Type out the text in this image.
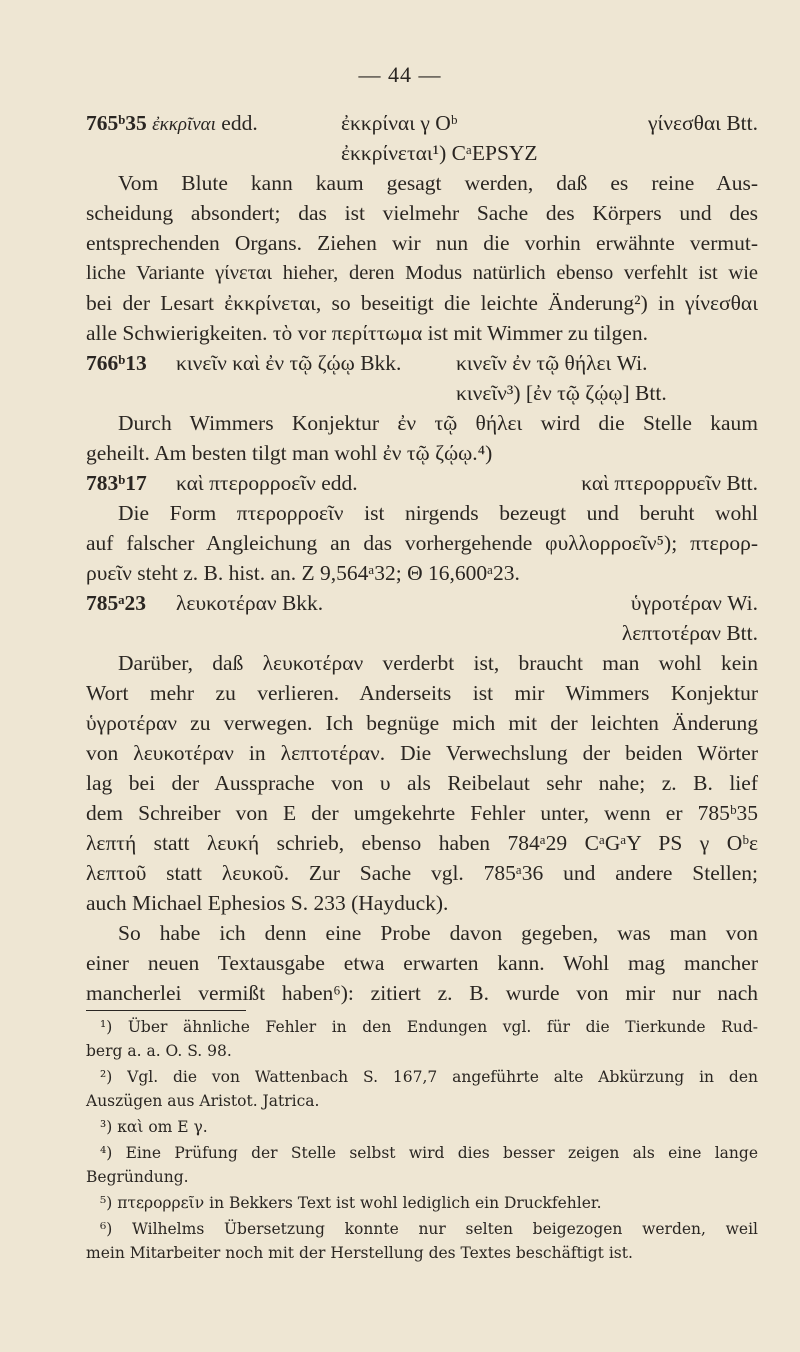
— 44 —
765ᵇ35 ἐκκρῖναι edd.	ἐκκρίναι γ Oᵇ	γίνεσθαι Btt.
ἐκκρίνεται¹) CᵃEPSYZ
Vom Blute kann kaum gesagt werden, daß es reine Aus-
scheidung absondert; das ist vielmehr Sache des Körpers und des
entsprechenden Organs. Ziehen wir nun die vorhin erwähnte vermut-
liche Variante γίνεται hieher, deren Modus natürlich ebenso verfehlt ist wie
bei der Lesart ἐκκρίνεται, so beseitigt die leichte Änderung²) in γίνεσθαι
alle Schwierigkeiten. τὸ vor περίττωμα ist mit Wimmer zu tilgen.
766ᵇ13 κινεῖν καὶ ἐν τῷ ζῴῳ Bkk.	κινεῖν ἐν τῷ θήλει Wi.
κινεῖν³) [ἐν τῷ ζῴῳ] Btt.
Durch Wimmers Konjektur ἐν τῷ θήλει wird die Stelle kaum
geheilt. Am besten tilgt man wohl ἐν τῷ ζῴῳ.⁴)
783ᵇ17 καὶ πτερορροεῖν edd.	καὶ πτερορρυεῖν Btt.
Die Form πτερορροεῖν ist nirgends bezeugt und beruht wohl
auf falscher Angleichung an das vorhergehende φυλλορροεῖν⁵); πτερορ-
ρυεῖν steht z. B. hist. an. Z 9,564ᵃ32; Θ 16,600ᵃ23.
785ᵃ23 λευκοτέραν Bkk.	ὑγροτέραν Wi.
λεπτοτέραν Btt.
Darüber, daß λευκοτέραν verderbt ist, braucht man wohl kein
Wort mehr zu verlieren. Anderseits ist mir Wimmers Konjektur
ὑγροτέραν zu verwegen. Ich begnüge mich mit der leichten Änderung
von λευκοτέραν in λεπτοτέραν. Die Verwechslung der beiden Wörter
lag bei der Aussprache von υ als Reibelaut sehr nahe; z. B. lief
dem Schreiber von E der umgekehrte Fehler unter, wenn er 785ᵇ35
λεπτή statt λευκή schrieb, ebenso haben 784ᵃ29 CᵃGᵃY PS γ Oᵇε
λεπτοῦ statt λευκοῦ. Zur Sache vgl. 785ᵃ36 und andere Stellen;
auch Michael Ephesios S. 233 (Hayduck).
So habe ich denn eine Probe davon gegeben, was man von
einer neuen Textausgabe etwa erwarten kann. Wohl mag mancher
mancherlei vermißt haben⁶): zitiert z. B. wurde von mir nur nach
¹) Über ähnliche Fehler in den Endungen vgl. für die Tierkunde Rud-
berg a. a. O. S. 98.
²) Vgl. die von Wattenbach S. 167,7 angeführte alte Abkürzung in den
Auszügen aus Aristot. Jatrica.
³) καὶ om E γ.
⁴) Eine Prüfung der Stelle selbst wird dies besser zeigen als eine lange
Begründung.
⁵) πτερορρεῖν in Bekkers Text ist wohl lediglich ein Druckfehler.
⁶) Wilhelms Übersetzung konnte nur selten beigezogen werden, weil
mein Mitarbeiter noch mit der Herstellung des Textes beschäftigt ist.
